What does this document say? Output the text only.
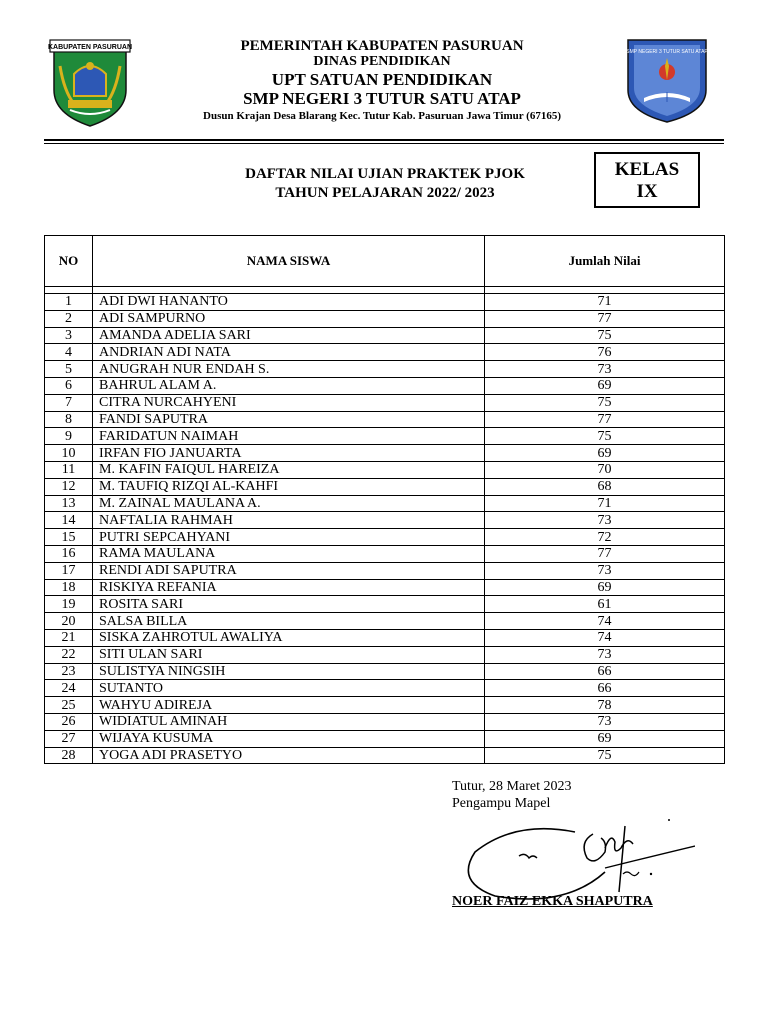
KABUPATEN PASURUAN
SMP NEGERI 3 TUTUR SATU ATAP
PEMERINTAH KABUPATEN PASURUAN
DINAS PENDIDIKAN
UPT SATUAN PENDIDIKAN
SMP NEGERI 3 TUTUR SATU ATAP
Dusun Krajan Desa Blarang Kec. Tutur Kab. Pasuruan Jawa Timur (67165)
DAFTAR NILAI UJIAN PRAKTEK PJOK
TAHUN PELAJARAN 2022/ 2023
KELAS
IX
NO	NAMA SISWA	Jumlah Nilai

1	ADI DWI HANANTO	71
2	ADI SAMPURNO	77
3	AMANDA ADELIA SARI	75
4	ANDRIAN ADI NATA	76
5	ANUGRAH NUR ENDAH S.	73
6	BAHRUL ALAM A.	69
7	CITRA NURCAHYENI	75
8	FANDI SAPUTRA	77
9	FARIDATUN NAIMAH	75
10	IRFAN FIO JANUARTA	69
11	M. KAFIN FAIQUL HAREIZA	70
12	M. TAUFIQ RIZQI AL-KAHFI	68
13	M. ZAINAL MAULANA A.	71
14	NAFTALIA RAHMAH	73
15	PUTRI SEPCAHYANI	72
16	RAMA MAULANA	77
17	RENDI ADI SAPUTRA	73
18	RISKIYA REFANIA	69
19	ROSITA SARI	61
20	SALSA BILLA	74
21	SISKA ZAHROTUL AWALIYA	74
22	SITI ULAN SARI	73
23	SULISTYA NINGSIH	66
24	SUTANTO	66
25	WAHYU ADIREJA	78
26	WIDIATUL AMINAH	73
27	WIJAYA KUSUMA	69
28	YOGA ADI PRASETYO	75
Tutur, 28 Maret 2023
Pengampu Mapel
NOER FAIZ EKKA SHAPUTRA
